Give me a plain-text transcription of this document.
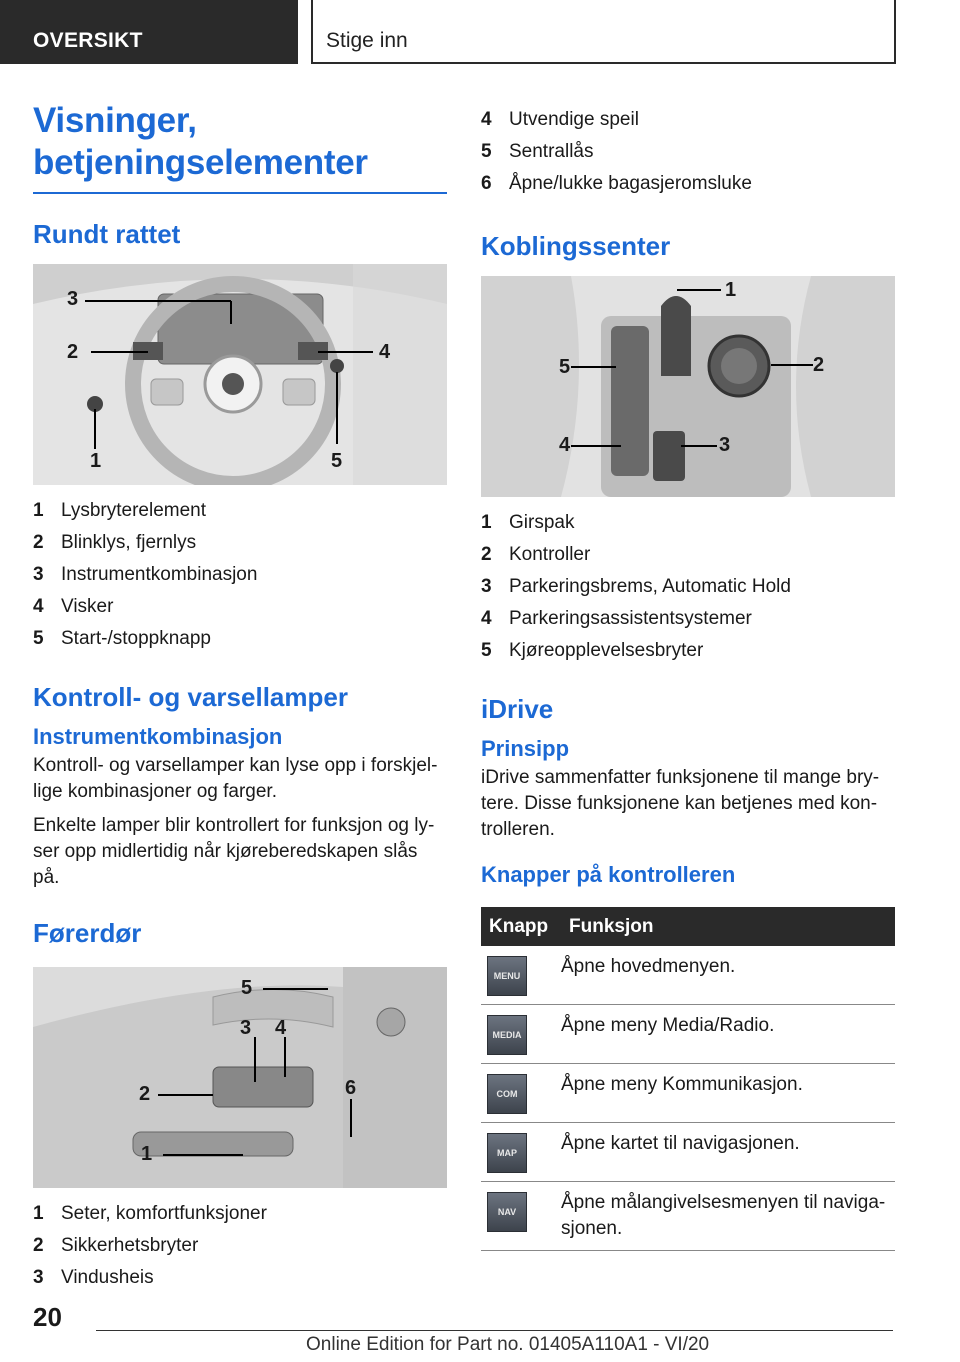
OVERSIKT	Stige inn
Visninger, betjeningselementer
Rundt rattet
3
2	4
1	5
1 Lysbryterelement
2 Blinklys, fjernlys
3 Instrumentkombinasjon
4 Visker
5 Start-/stoppknapp
Kontroll- og varsellamper
Instrumentkombinasjon

Kontroll- og varsellamper kan lyse opp i forskjel-lige kombinasjoner og farger.

Enkelte lamper blir kontrollert for funksjon og ly-ser opp midlertidig når kjøreberedskapen slås på.

Førerdør
5
3 4
2	6
1
1 Seter, komfortfunksjoner
2 Sikkerhetsbryter
3 Vindusheis
4 Utvendige speil
5 Sentrallås
6 Åpne/lukke bagasjeromsluke
Koblingssenter
1
2
5
4	3
1 Girspak
2 Kontroller
3 Parkeringsbrems, Automatic Hold
4 Parkeringsassistentsystemer
5 Kjøreopplevelsesbryter
iDrive
Prinsipp

iDrive sammenfatter funksjonene til mange bry-tere. Disse funksjonene kan betjenes med kon-trolleren.

Knapper på kontrolleren
Knapp	Funksjon

MENU	Åpne hovedmenyen.

MEDIA	Åpne meny Media/Radio.

COM	Åpne meny Kommunikasjon.

MAP	Åpne kartet til navigasjonen.

NAV	Åpne målangivelsesmenyen til naviga-sjonen.
20
Online Edition for Part no. 01405A110A1 - VI/20
